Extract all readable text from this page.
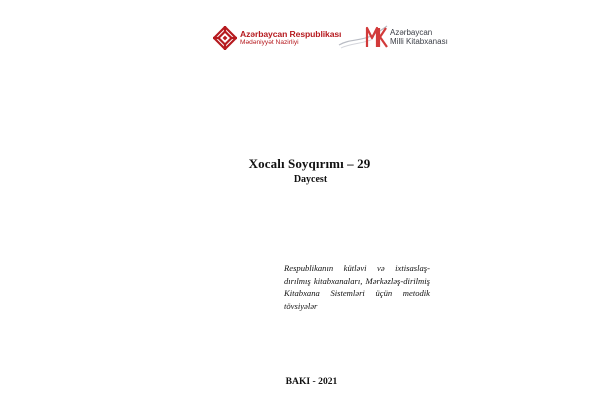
Azərbaycan Respublikası
Mədəniyyət Nazirliyi
Azərbaycan
Milli Kitabxanası
Xocalı Soyqırımı – 29
Daycest
Respublikanın kütləvi və ixtisaslaş-dırılmış kitabxanaları, Mərkəzləş-dirilmiş Kitabxana Sistemləri üçün metodik tövsiyələr
BAKI - 2021
